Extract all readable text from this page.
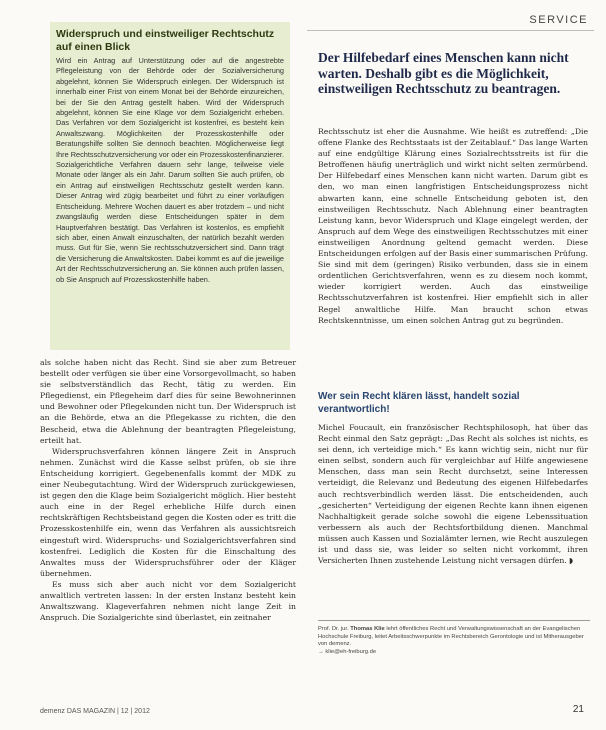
SERVICE
Widerspruch und einstweiliger Rechtschutz auf einen Blick
Wird ein Antrag auf Unterstützung oder auf die angestrebte Pflegeleistung von der Behörde oder der Sozialversicherung abgelehnt, können Sie Widerspruch einlegen. Der Widerspruch ist innerhalb einer Frist von einem Monat bei der Behörde einzureichen, bei der Sie den Antrag gestellt haben. Wird der Widerspruch abgelehnt, können Sie eine Klage vor dem Sozialgericht erheben. Das Verfahren vor dem Sozialgericht ist kostenfrei, es besteht kein Anwaltszwang. Möglichkeiten der Prozesskostenhilfe oder Beratungshilfe sollten Sie dennoch beachten. Möglicherweise liegt Ihre Rechtsschutzversicherung vor oder ein Prozesskostenfinanzierer. Sozialgerichtliche Verfahren dauern sehr lange, teilweise viele Monate oder länger als ein Jahr. Darum sollten Sie auch prüfen, ob ein Antrag auf einstweiligen Rechtsschutz gestellt werden kann. Dieser Antrag wird zügig bearbeitet und führt zu einer vorläufigen Entscheidung. Mehrere Wochen dauert es aber trotzdem – und nicht zwangsläufig werden diese Entscheidungen später in dem Hauptverfahren bestätigt. Das Verfahren ist kostenlos, es empfiehlt sich aber, einen Anwalt einzuschalten, der natürlich bezahlt werden muss. Gut für Sie, wenn Sie rechtsschutzversichert sind. Dann trägt die Versicherung die Anwaltskosten. Dabei kommt es auf die jeweilige Art der Rechtsschutzversicherung an. Sie können auch prüfen lassen, ob Sie Anspruch auf Prozesskostenhilfe haben.
Der Hilfebedarf eines Menschen kann nicht warten. Deshalb gibt es die Möglichkeit, einstweiligen Rechtsschutz zu beantragen.

Rechtsschutz ist eher die Ausnahme. Wie heißt es zutreffend: „Die offene Flanke des Rechtsstaats ist der Zeitablauf.“ Das lange Warten auf eine endgültige Klärung eines Sozialrechtsstreits ist für die Betroffenen häufig unerträglich und wirkt nicht selten zermürbend. Der Hilfebedarf eines Menschen kann nicht warten. Darum gibt es den, wo man einen langfristigen Entscheidungsprozess nicht abwarten kann, eine schnelle Entscheidung geboten ist, den einstweiligen Rechtsschutz. Nach Ablehnung einer beantragten Leistung kann, bevor Widerspruch und Klage eingelegt werden, der Anspruch auf dem Wege des einstweiligen Rechtsschutzes mit einer einstweiligen Anordnung geltend gemacht werden. Diese Entscheidungen erfolgen auf der Basis einer summarischen Prüfung. Sie sind mit dem (geringen) Risiko verbunden, dass sie in einem ordentlichen Gerichtsverfahren, wenn es zu diesem noch kommt, wieder korrigiert werden. Auch das einstweilige Rechtsschutzverfahren ist kostenfrei. Hier empfiehlt sich in aller Regel anwaltliche Hilfe. Man braucht schon etwas Rechtskenntnisse, um einen solchen Antrag gut zu begründen.

Wer sein Recht klären lässt, handelt sozial verantwortlich!

Michel Foucault, ein französischer Rechtsphilosoph, hat über das Recht einmal den Satz geprägt: „Das Recht als solches ist nichts, es sei denn, ich verteidige mich.“ Es kann wichtig sein, nicht nur für einen selbst, sondern auch für vergleichbar auf Hilfe angewiesene Menschen, dass man sein Recht durchsetzt, seine Interessen verteidigt, die Relevanz und Bedeutung des eigenen Hilfebedarfes auch rechtsverbindlich werden lässt. Die entscheidenden, auch „gesicherten“ Verteidigung der eigenen Rechte kann ihnen eigenen Nachhaltigkeit gerade solche sowohl die eigene Lebenssituation verbessern als auch der Rechtsfortbildung dienen. Manchmal müssen auch Kassen und Sozialämter lernen, wie Recht auszulegen ist und dass sie, was leider so selten nicht vorkommt, ihren Versicherten Ihnen zustehende Leistung nicht versagen dürfen. ◗

als solche haben nicht das Recht. Sind sie aber zum Betreuer bestellt oder verfügen sie über eine Vorsorgevollmacht, so haben sie selbstverständlich das Recht, tätig zu werden. Ein Pflegedienst, ein Pflegeheim darf dies für seine Bewohnerinnen und Bewohner oder Pflegekunden nicht tun. Der Widerspruch ist an die Behörde, etwa an die Pflegekasse zu richten, die den Bescheid, etwa die Ablehnung der beantragten Pflegeleistung, erteilt hat.

Widerspruchsverfahren können längere Zeit in Anspruch nehmen. Zunächst wird die Kasse selbst prüfen, ob sie ihre Entscheidung korrigiert. Gegebenenfalls kommt der MDK zu einer Neubegutachtung. Wird der Widerspruch zurückgewiesen, ist gegen den die Klage beim Sozialgericht möglich. Hier besteht auch eine in der Regel erhebliche Hilfe durch einen rechtskräftigen Rechtsbeistand gegen die Kosten oder es tritt die Prozesskostenhilfe ein, wenn das Verfahren als aussichtsreich eingestuft wird. Widerspruchs- und Sozialgerichtsverfahren sind kostenfrei. Lediglich die Kosten für die Einschaltung des Anwaltes muss der Widerspruchsführer oder der Kläger übernehmen.

Es muss sich aber auch nicht vor dem Sozialgericht anwaltlich vertreten lassen: In der ersten Instanz besteht kein Anwaltszwang. Klageverfahren nehmen nicht lange Zeit in Anspruch. Die Sozialgerichte sind überlastet, ein zeitnaher

Prof. Dr. jur. Thomas Klie lehrt öffentliches Recht und Verwaltungswissenschaft an der Evangelischen Hochschule Freiburg, leitet Arbeitsschwerpunkte im Rechtsbereich Gerontologie und ist Mitherausgeber von demenz.
→ klie@eh-freiburg.de
demenz DAS MAGAZIN | 12 | 2012	21
